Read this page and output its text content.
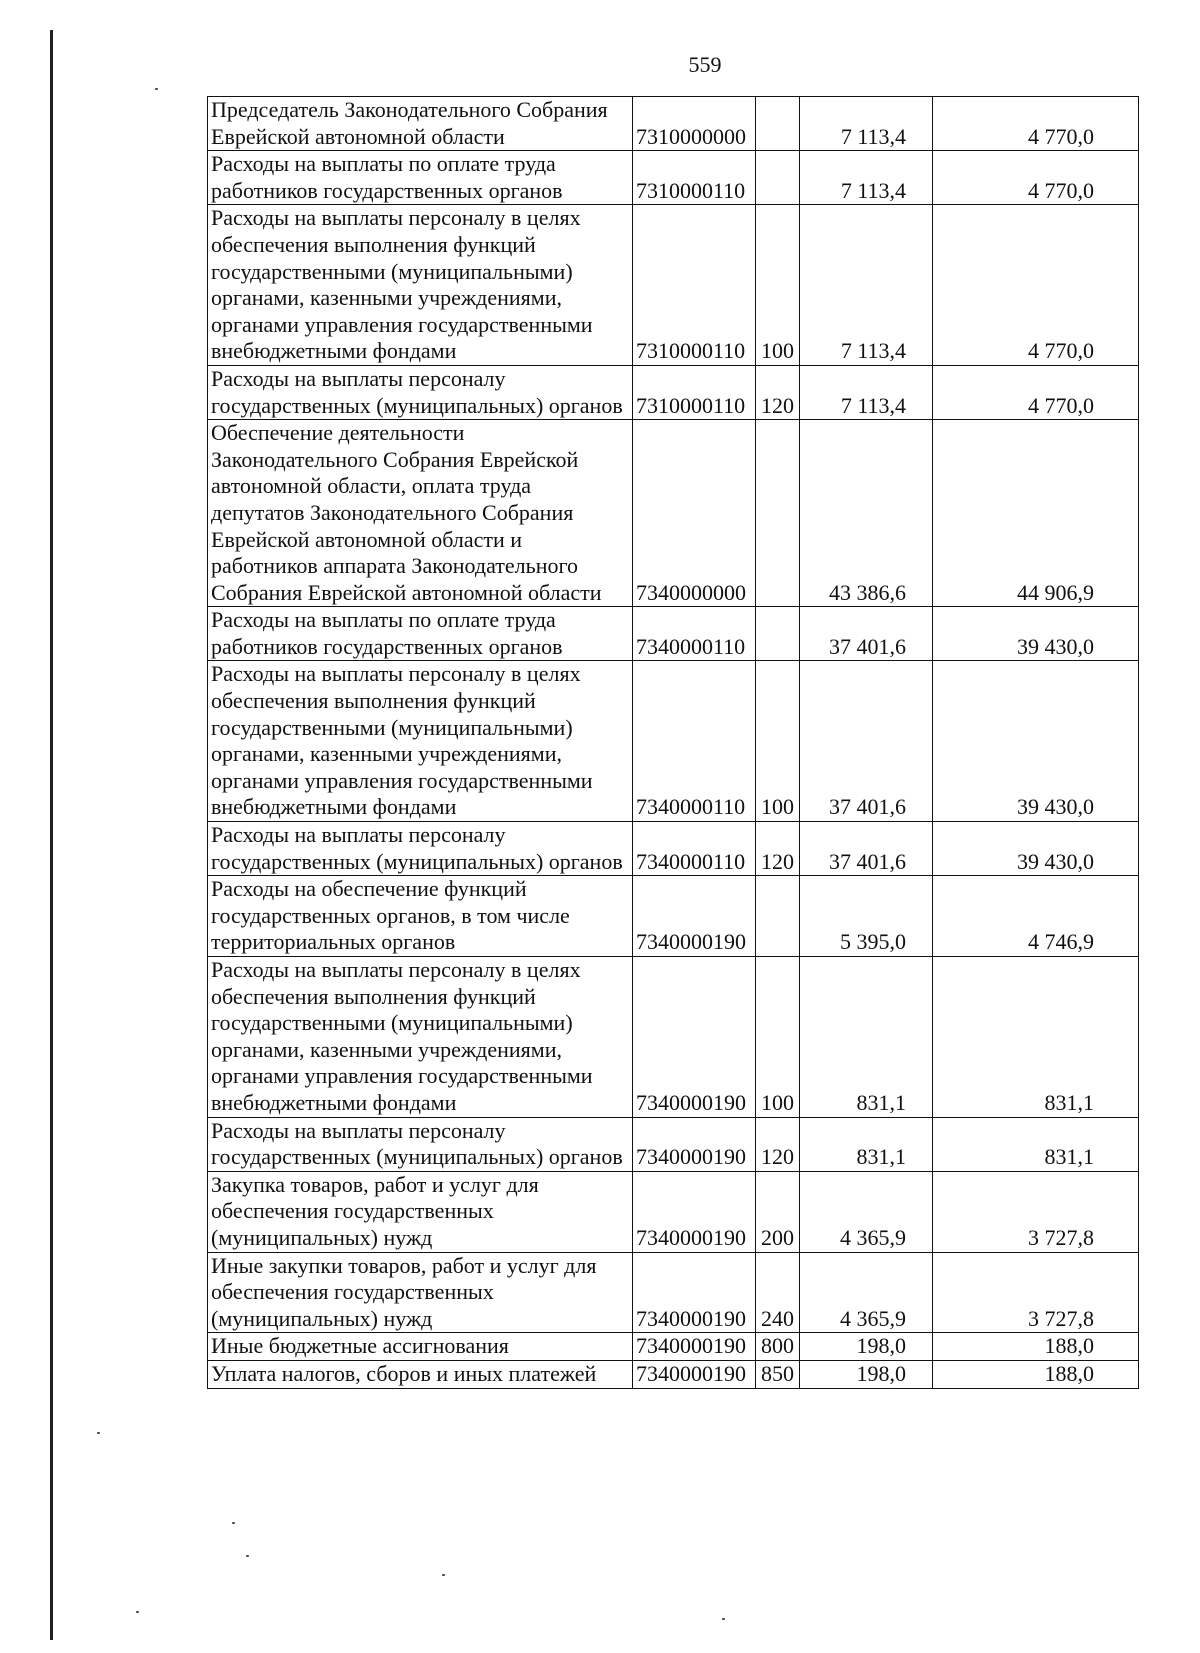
559
Председатель Законодательного Собрания Еврейской автономной области	7310000000		7 113,4	4 770,0
Расходы на выплаты по оплате труда работников государственных органов	7310000110		7 113,4	4 770,0
Расходы на выплаты персоналу в целях обеспечения выполнения функций государственными (муниципальными) органами, казенными учреждениями, органами управления государственными внебюджетными фондами	7310000110	100	7 113,4	4 770,0
Расходы на выплаты персоналу государственных (муниципальных) органов	7310000110	120	7 113,4	4 770,0
Обеспечение деятельности Законодательного Собрания Еврейской автономной области, оплата труда депутатов Законодательного Собрания Еврейской автономной области и работников аппарата Законодательного Собрания Еврейской автономной области	7340000000		43 386,6	44 906,9
Расходы на выплаты по оплате труда работников государственных органов	7340000110		37 401,6	39 430,0
Расходы на выплаты персоналу в целях обеспечения выполнения функций государственными (муниципальными) органами, казенными учреждениями, органами управления государственными внебюджетными фондами	7340000110	100	37 401,6	39 430,0
Расходы на выплаты персоналу государственных (муниципальных) органов	7340000110	120	37 401,6	39 430,0
Расходы на обеспечение функций государственных органов, в том числе территориальных органов	7340000190		5 395,0	4 746,9
Расходы на выплаты персоналу в целях обеспечения выполнения функций государственными (муниципальными) органами, казенными учреждениями, органами управления государственными внебюджетными фондами	7340000190	100	831,1	831,1
Расходы на выплаты персоналу государственных (муниципальных) органов	7340000190	120	831,1	831,1
Закупка товаров, работ и услуг для обеспечения государственных (муниципальных) нужд	7340000190	200	4 365,9	3 727,8
Иные закупки товаров, работ и услуг для обеспечения государственных (муниципальных) нужд	7340000190	240	4 365,9	3 727,8
Иные бюджетные ассигнования	7340000190	800	198,0	188,0
Уплата налогов, сборов и иных платежей	7340000190	850	198,0	188,0
